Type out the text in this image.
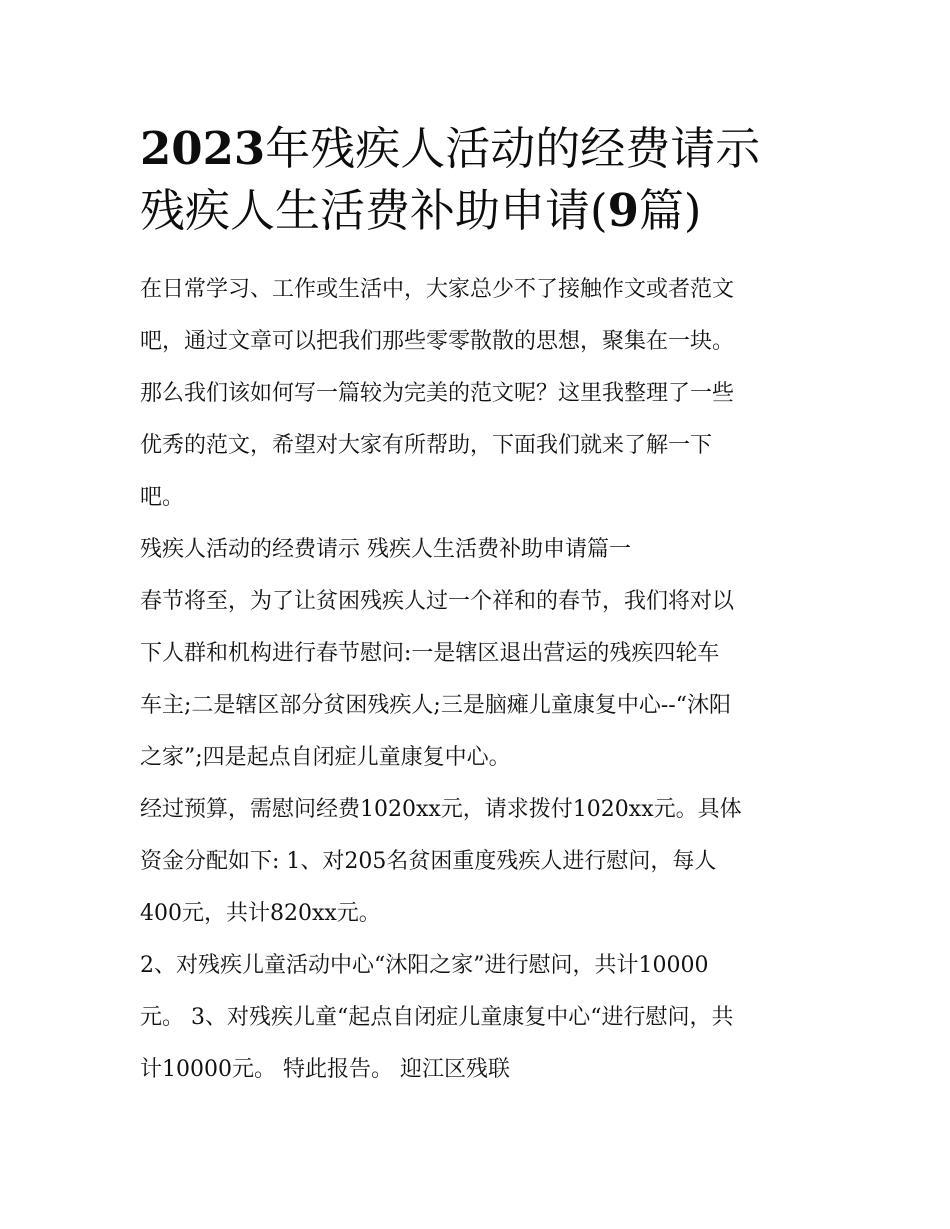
2023年残疾人活动的经费请示
残疾人生活费补助申请(9篇)
在日常学习、工作或生活中，大家总少不了接触作文或者范文
吧，通过文章可以把我们那些零零散散的思想，聚集在一块。
那么我们该如何写一篇较为完美的范文呢？这里我整理了一些
优秀的范文，希望对大家有所帮助，下面我们就来了解一下
吧。
残疾人活动的经费请示 残疾人生活费补助申请篇一
春节将至，为了让贫困残疾人过一个祥和的春节，我们将对以
下人群和机构进行春节慰问:一是辖区退出营运的残疾四轮车
车主;二是辖区部分贫困残疾人;三是脑瘫儿童康复中心--“沐阳
之家”;四是起点自闭症儿童康复中心。
经过预算，需慰问经费1020xx元，请求拨付1020xx元。具体
资金分配如下: 1、对205名贫困重度残疾人进行慰问，每人
400元，共计820xx元。
2、对残疾儿童活动中心“沐阳之家”进行慰问，共计10000
元。 3、对残疾儿童“起点自闭症儿童康复中心“进行慰问，共
计10000元。 特此报告。 迎江区残联
